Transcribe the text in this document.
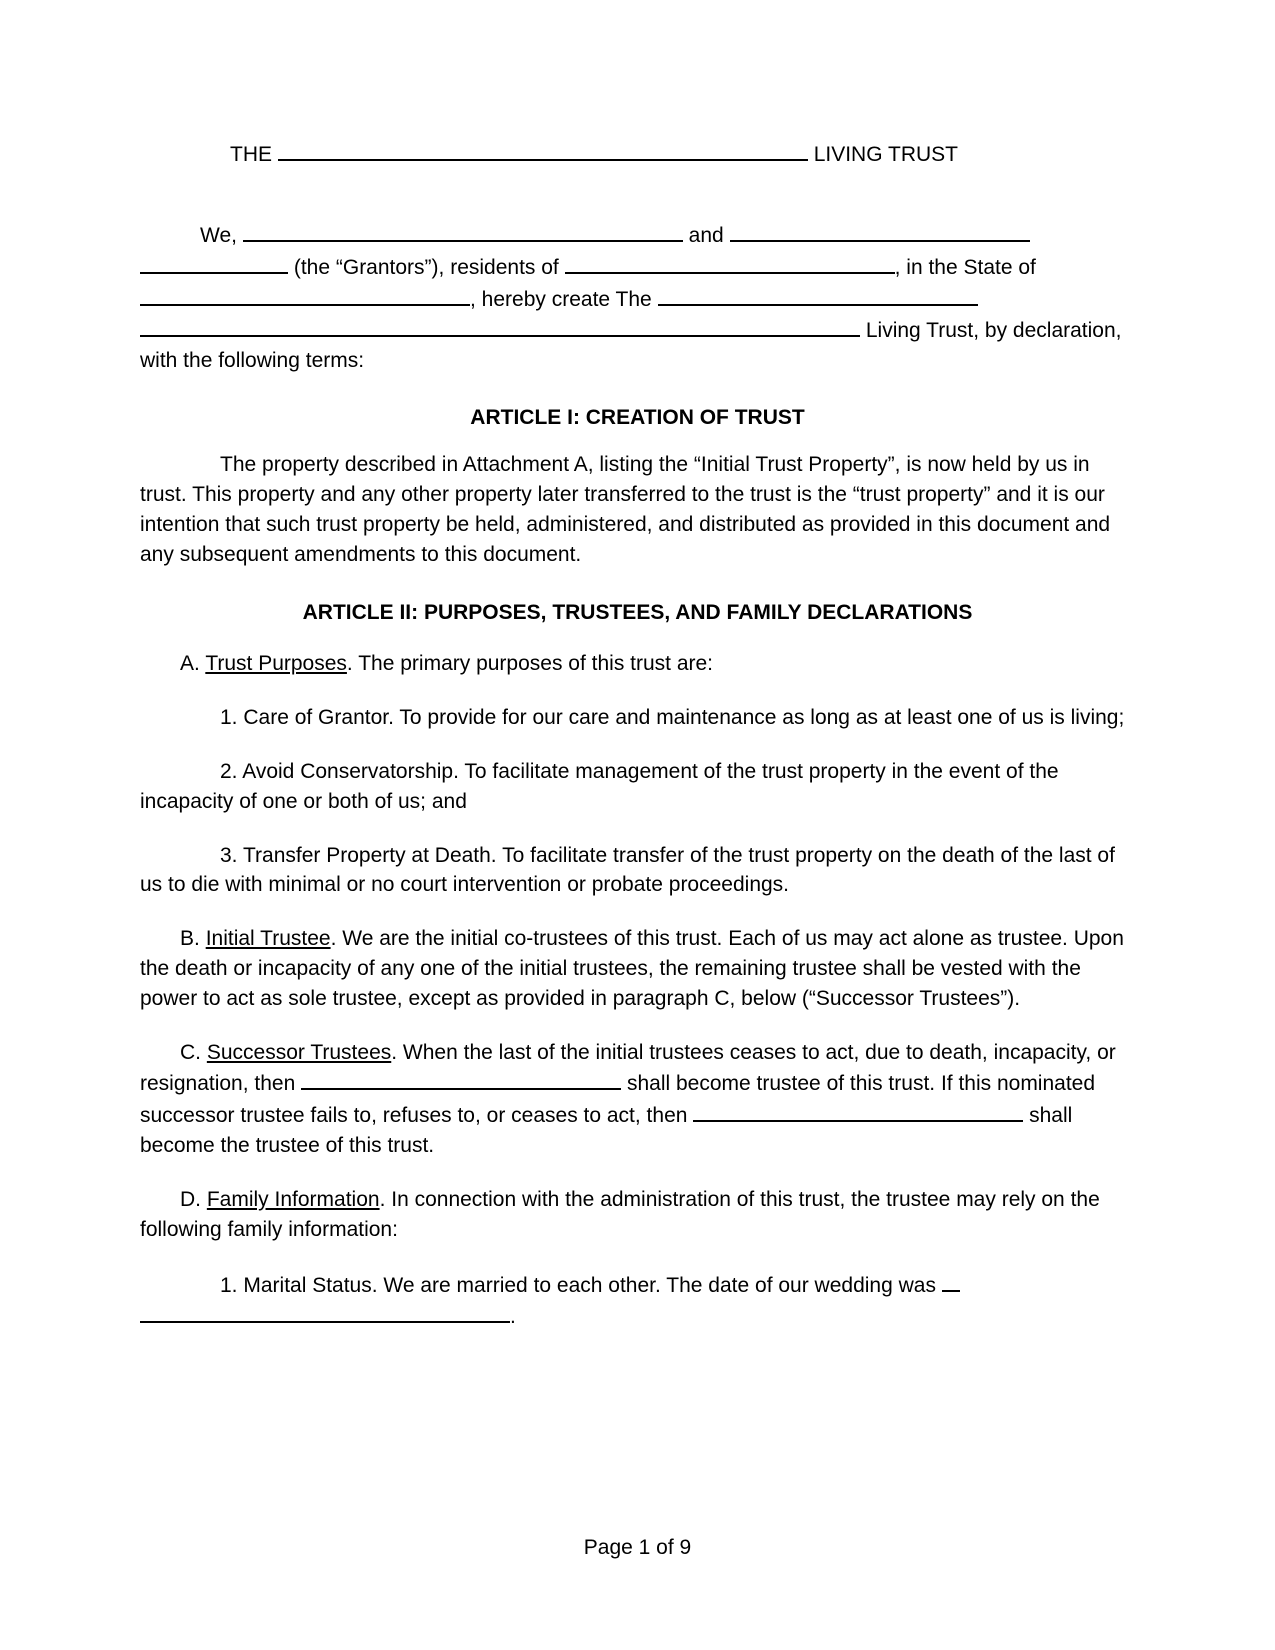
THE	LIVING TRUST
We,	and   (the “Grantors”), residents of	, in the State of , hereby create The   Living Trust, by declaration, with the following terms:
ARTICLE I: CREATION OF TRUST
The property described in Attachment A, listing the “Initial Trust Property”, is now held by us in trust. This property and any other property later transferred to the trust is the “trust property” and it is our intention that such trust property be held, administered, and distributed as provided in this document and any subsequent amendments to this document.
ARTICLE II: PURPOSES, TRUSTEES, AND FAMILY DECLARATIONS
A. Trust Purposes. The primary purposes of this trust are:
1. Care of Grantor. To provide for our care and maintenance as long as at least one of us is living;
2. Avoid Conservatorship. To facilitate management of the trust property in the event of the incapacity of one or both of us; and
3. Transfer Property at Death. To facilitate transfer of the trust property on the death of the last of us to die with minimal or no court intervention or probate proceedings.
B. Initial Trustee. We are the initial co-trustees of this trust. Each of us may act alone as trustee. Upon the death or incapacity of any one of the initial trustees, the remaining trustee shall be vested with the power to act as sole trustee, except as provided in paragraph C, below (“Successor Trustees”).
C. Successor Trustees. When the last of the initial trustees ceases to act, due to death, incapacity, or resignation, then	shall become trustee of this trust. If this nominated successor trustee fails to, refuses to, or ceases to act, then	shall become the trustee of this trust.
D. Family Information. In connection with the administration of this trust, the trustee may rely on the following family information:
1. Marital Status. We are married to each other. The date of our wedding was  .
Page 1 of 9
